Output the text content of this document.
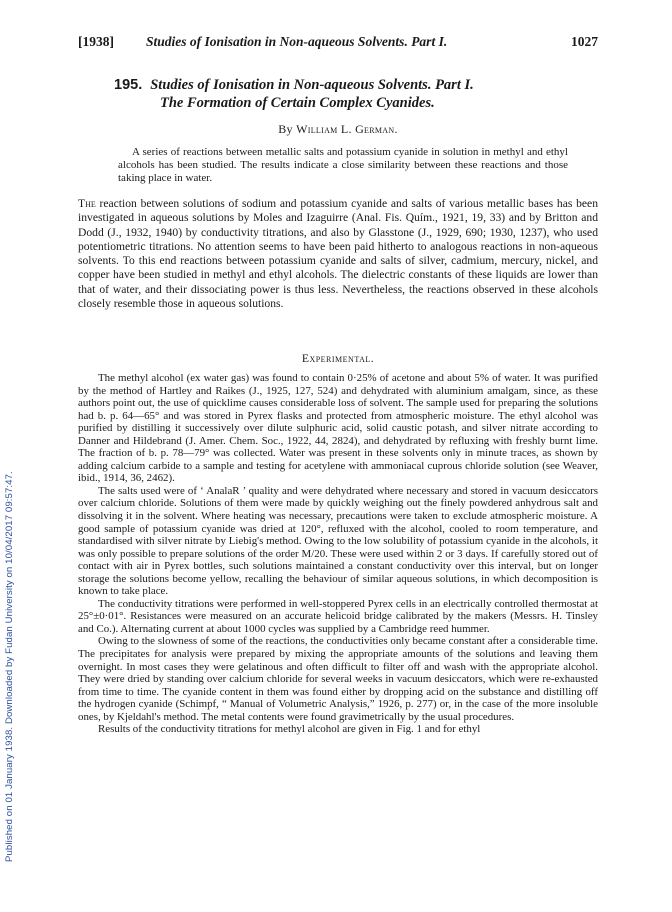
Published on 01 January 1938. Downloaded by Fudan University on 10/04/2017 09:57:47.
[1938] Studies of Ionisation in Non-aqueous Solvents. Part I.	1027
195. Studies of Ionisation in Non-aqueous Solvents. Part I.
The Formation of Certain Complex Cyanides.
By William L. German.

A series of reactions between metallic salts and potassium cyanide in solution in methyl and ethyl alcohols has been studied. The results indicate a close similarity between these reactions and those taking place in water.

The reaction between solutions of sodium and potassium cyanide and salts of various metallic bases has been investigated in aqueous solutions by Moles and Izaguirre (Anal. Fis. Quím., 1921, 19, 33) and by Britton and Dodd (J., 1932, 1940) by conductivity titrations, and also by Glasstone (J., 1929, 690; 1930, 1237), who used potentiometric titrations. No attention seems to have been paid hitherto to analogous reactions in non-aqueous solvents. To this end reactions between potassium cyanide and salts of silver, cadmium, mercury, nickel, and copper have been studied in methyl and ethyl alcohols. The dielectric constants of these liquids are lower than that of water, and their dissociating power is thus less. Nevertheless, the reactions observed in these alcohols closely resemble those in aqueous solutions.

Experimental.

The methyl alcohol (ex water gas) was found to contain 0·25% of acetone and about 5% of water. It was purified by the method of Hartley and Raikes (J., 1925, 127, 524) and dehydrated with aluminium amalgam, since, as these authors point out, the use of quicklime causes considerable loss of solvent. The sample used for preparing the solutions had b. p. 64—65° and was stored in Pyrex flasks and protected from atmospheric moisture. The ethyl alcohol was purified by distilling it successively over dilute sulphuric acid, solid caustic potash, and silver nitrate according to Danner and Hildebrand (J. Amer. Chem. Soc., 1922, 44, 2824), and dehydrated by refluxing with freshly burnt lime. The fraction of b. p. 78—79° was collected. Water was present in these solvents only in minute traces, as shown by adding calcium carbide to a sample and testing for acetylene with ammoniacal cuprous chloride solution (see Weaver, ibid., 1914, 36, 2462).

The salts used were of ‘ AnalaR ’ quality and were dehydrated where necessary and stored in vacuum desiccators over calcium chloride. Solutions of them were made by quickly weighing out the finely powdered anhydrous salt and dissolving it in the solvent. Where heating was necessary, precautions were taken to exclude atmospheric moisture. A good sample of potassium cyanide was dried at 120°, refluxed with the alcohol, cooled to room temperature, and standardised with silver nitrate by Liebig's method. Owing to the low solubility of potassium cyanide in the alcohols, it was only possible to prepare solutions of the order M/20. These were used within 2 or 3 days. If carefully stored out of contact with air in Pyrex bottles, such solutions maintained a constant conductivity over this interval, but on longer storage the solutions become yellow, recalling the behaviour of similar aqueous solutions, in which decomposition is known to take place.

The conductivity titrations were performed in well-stoppered Pyrex cells in an electrically controlled thermostat at 25°±0·01°. Resistances were measured on an accurate helicoid bridge calibrated by the makers (Messrs. H. Tinsley and Co.). Alternating current at about 1000 cycles was supplied by a Cambridge reed hummer.

Owing to the slowness of some of the reactions, the conductivities only became constant after a considerable time. The precipitates for analysis were prepared by mixing the appropriate amounts of the solutions and leaving them overnight. In most cases they were gelatinous and often difficult to filter off and wash with the appropriate alcohol. They were dried by standing over calcium chloride for several weeks in vacuum desiccators, which were re-exhausted from time to time. The cyanide content in them was found either by dropping acid on the substance and distilling off the hydrogen cyanide (Schimpf, “ Manual of Volumetric Analysis,” 1926, p. 277) or, in the case of the more insoluble ones, by Kjeldahl's method. The metal contents were found gravimetrically by the usual procedures.

Results of the conductivity titrations for methyl alcohol are given in Fig. 1 and for ethyl
